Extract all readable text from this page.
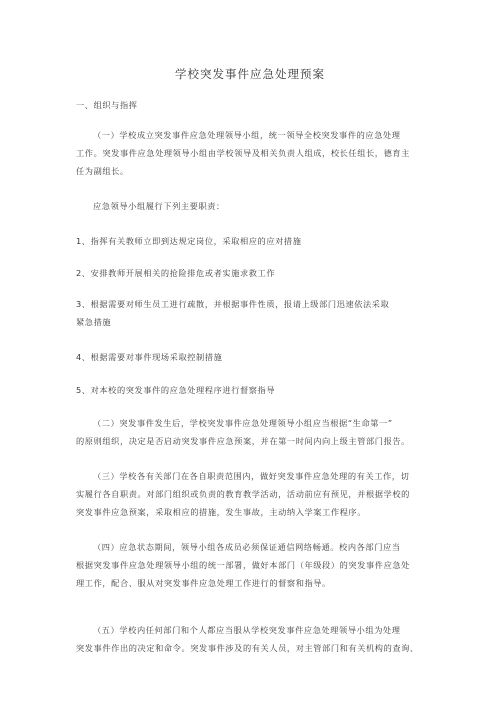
学校突发事件应急处理预案
一、组织与指挥
（一）学校成立突发事件应急处理领导小组，统一领导全校突发事件的应急处理
工作。突发事件应急处理领导小组由学校领导及相关负责人组成，校长任组长，德育主
任为副组长。
应急领导小组履行下列主要职责：
1、指挥有关教师立即到达规定岗位，采取相应的应对措施
2、安排教师开展相关的抢险排危或者实施求救工作
3、根据需要对师生员工进行疏散，并根据事件性质，报请上级部门迅速依法采取
紧急措施
4、根据需要对事件现场采取控制措施
5、对本校的突发事件的应急处理程序进行督察指导
（二）突发事件发生后，学校突发事件应急处理领导小组应当根据“生命第一”
的原则组织，决定是否启动突发事件应急预案，并在第一时间内向上级主管部门报告。
（三）学校各有关部门在各自职责范围内，做好突发事件应急处理的有关工作，切
实履行各自职责。对部门组织或负责的教育教学活动，活动前应有预见，并根据学校的
突发事件应急预案，采取相应的措施，发生事故，主动纳入学案工作程序。
（四）应急状态期间，领导小组各成员必须保证通信网络畅通。校内各部门应当
根据突发事件应急处理领导小组的统一部署，做好本部门（年级段）的突发事件应急处
理工作，配合、服从对突发事件应急处理工作进行的督察和指导。
（五）学校内任何部门和个人都应当服从学校突发事件应急处理领导小组为处理
突发事件作出的决定和命令。突发事件涉及的有关人员，对主管部门和有关机构的查询、
